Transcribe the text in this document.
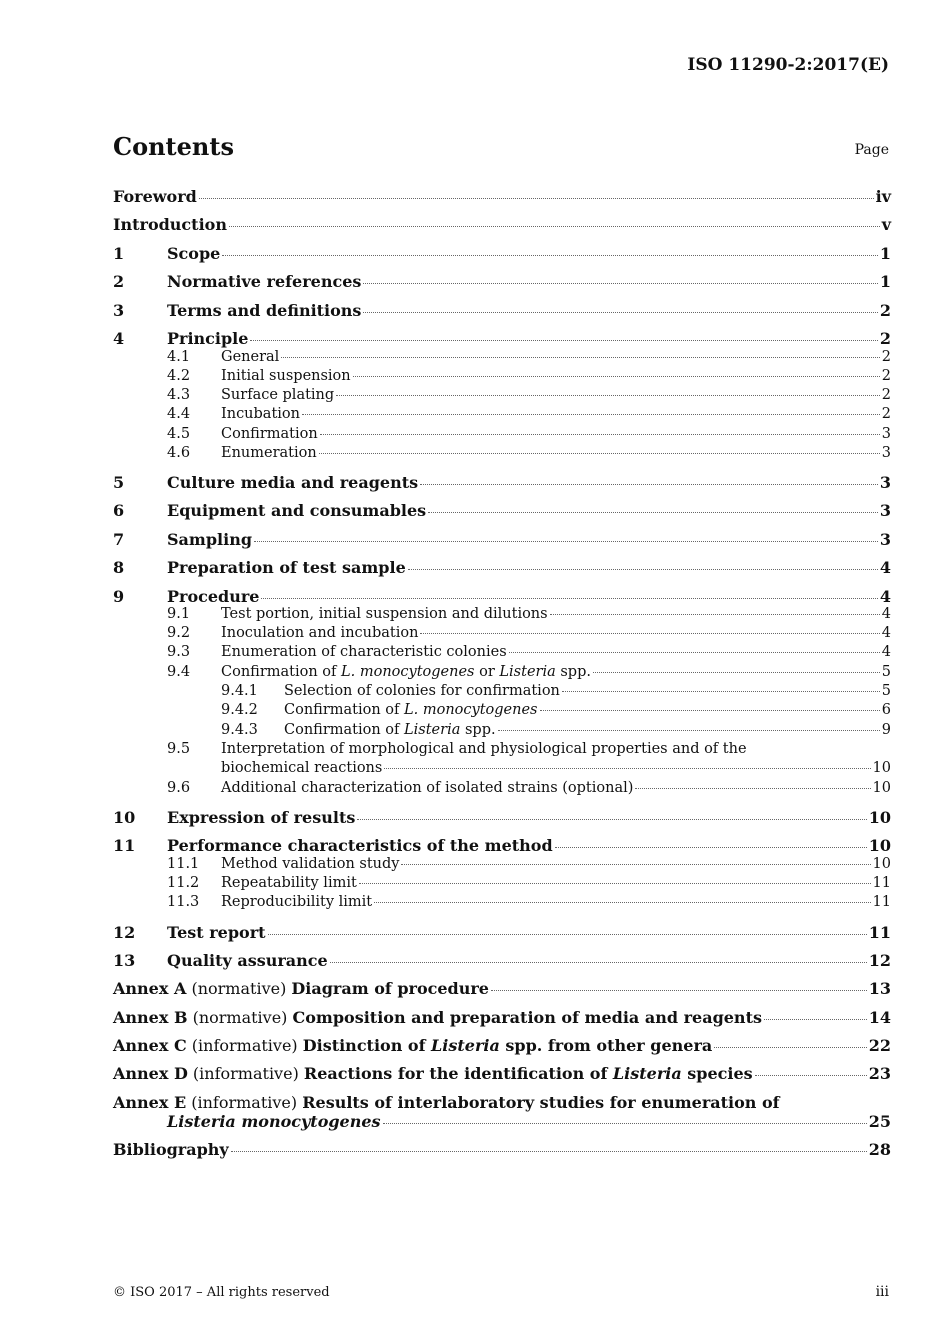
ISO 11290-2:2017(E)
Contents	Page
Foreword	iv
Introduction	v
1	Scope	1
2	Normative references	1
3	Terms and definitions	2
4	Principle	2
4.1	General	2
4.2	Initial suspension	2
4.3	Surface plating	2
4.4	Incubation	2
4.5	Confirmation	3
4.6	Enumeration	3
5	Culture media and reagents	3
6	Equipment and consumables	3
7	Sampling	3
8	Preparation of test sample	4
9	Procedure	4
9.1	Test portion, initial suspension and dilutions	4
9.2	Inoculation and incubation	4
9.3	Enumeration of characteristic colonies	4
9.4	Confirmation of L. monocytogenes or Listeria spp.	5
9.4.1	Selection of colonies for confirmation	5
9.4.2	Confirmation of L. monocytogenes	6
9.4.3	Confirmation of Listeria spp.	9
9.5	Interpretation of morphological and physiological properties and of the
biochemical reactions	10
9.6	Additional characterization of isolated strains (optional)	10
10	Expression of results	10
11	Performance characteristics of the method	10
11.1	Method validation study	10
11.2	Repeatability limit	11
11.3	Reproducibility limit	11
12	Test report	11
13	Quality assurance	12
Annex A (normative) Diagram of procedure	13
Annex B (normative) Composition and preparation of media and reagents	14
Annex C (informative) Distinction of Listeria spp. from other genera	22
Annex D (informative) Reactions for the identification of Listeria species	23
Annex E (informative) Results of interlaboratory studies for enumeration of
Listeria monocytogenes	25
Bibliography	28
© ISO 2017 – All rights reserved	iii
